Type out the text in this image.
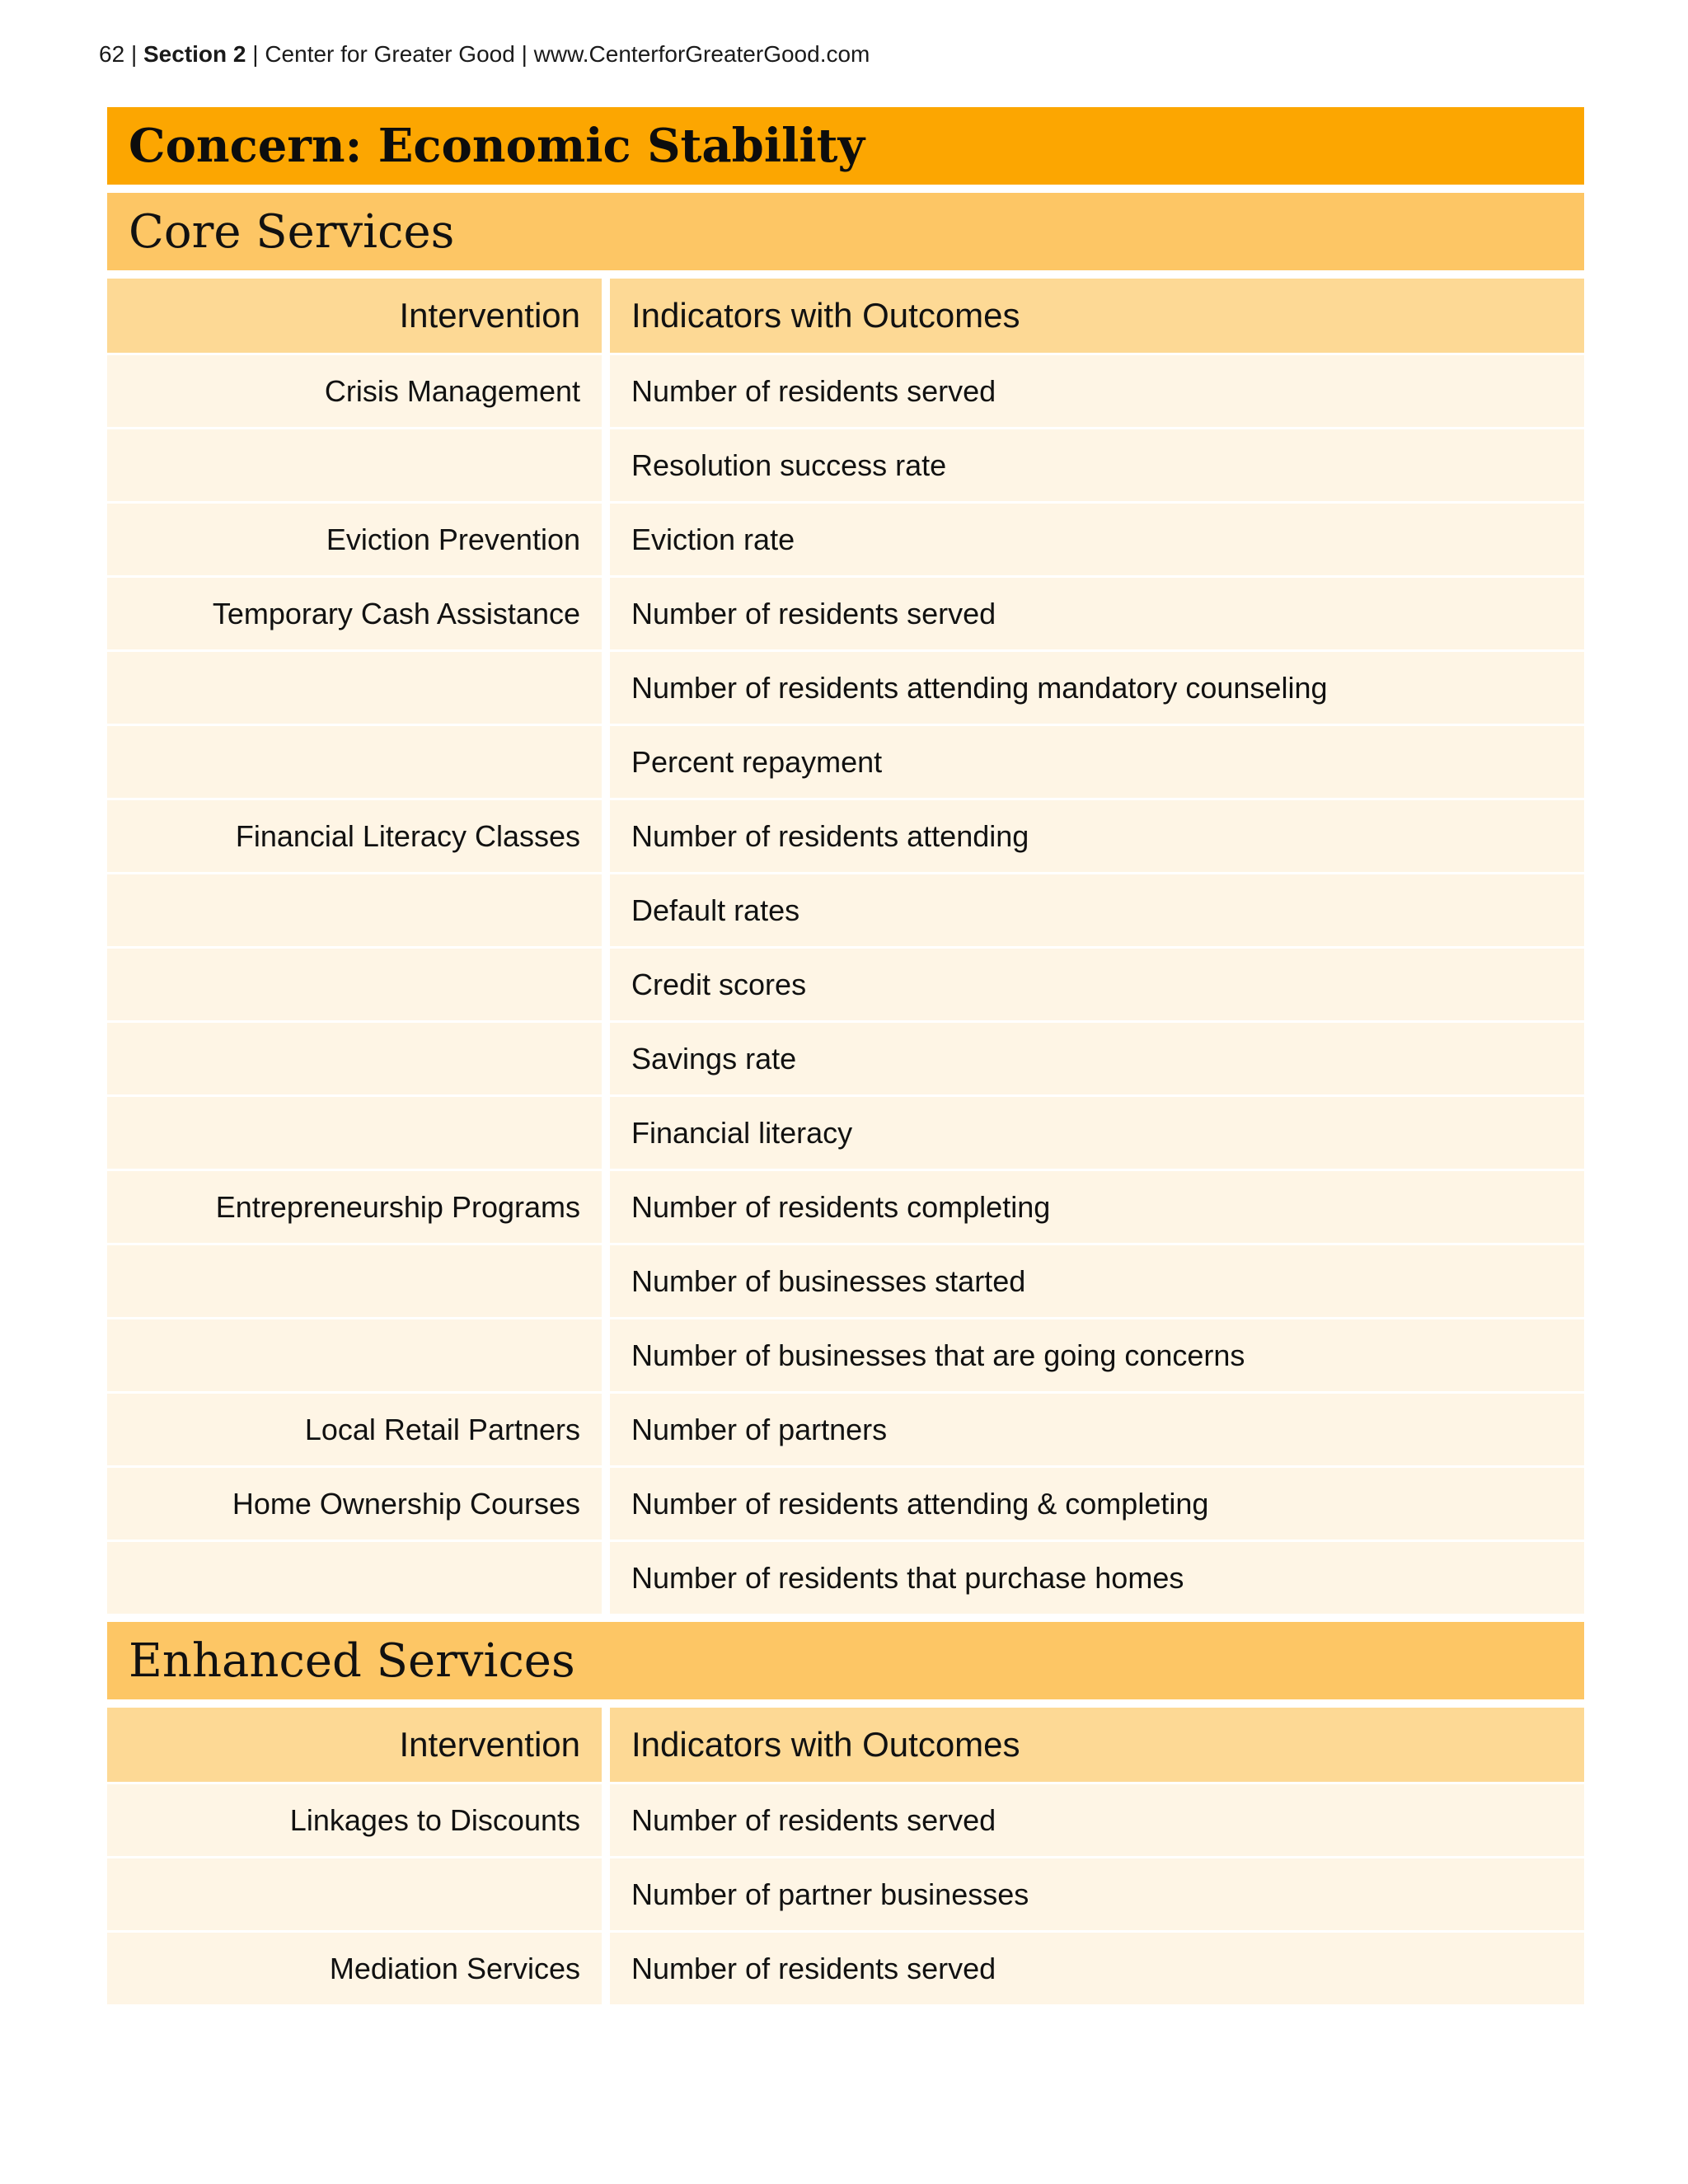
62 | Section 2 | Center for Greater Good | www.CenterforGreaterGood.com
Concern: Economic Stability
Core Services
Intervention	Indicators with Outcomes
Crisis Management	Number of residents served
Resolution success rate
Eviction Prevention	Eviction rate
Temporary Cash Assistance	Number of residents served
Number of residents attending mandatory counseling
Percent repayment
Financial Literacy Classes	Number of residents attending
Default rates
Credit scores
Savings rate
Financial literacy
Entrepreneurship Programs	Number of residents completing
Number of businesses started
Number of businesses that are going concerns
Local Retail Partners	Number of partners
Home Ownership Courses	Number of residents attending & completing
Number of residents that purchase homes
Enhanced Services
Intervention	Indicators with Outcomes
Linkages to Discounts	Number of residents served
Number of partner businesses
Mediation Services	Number of residents served
